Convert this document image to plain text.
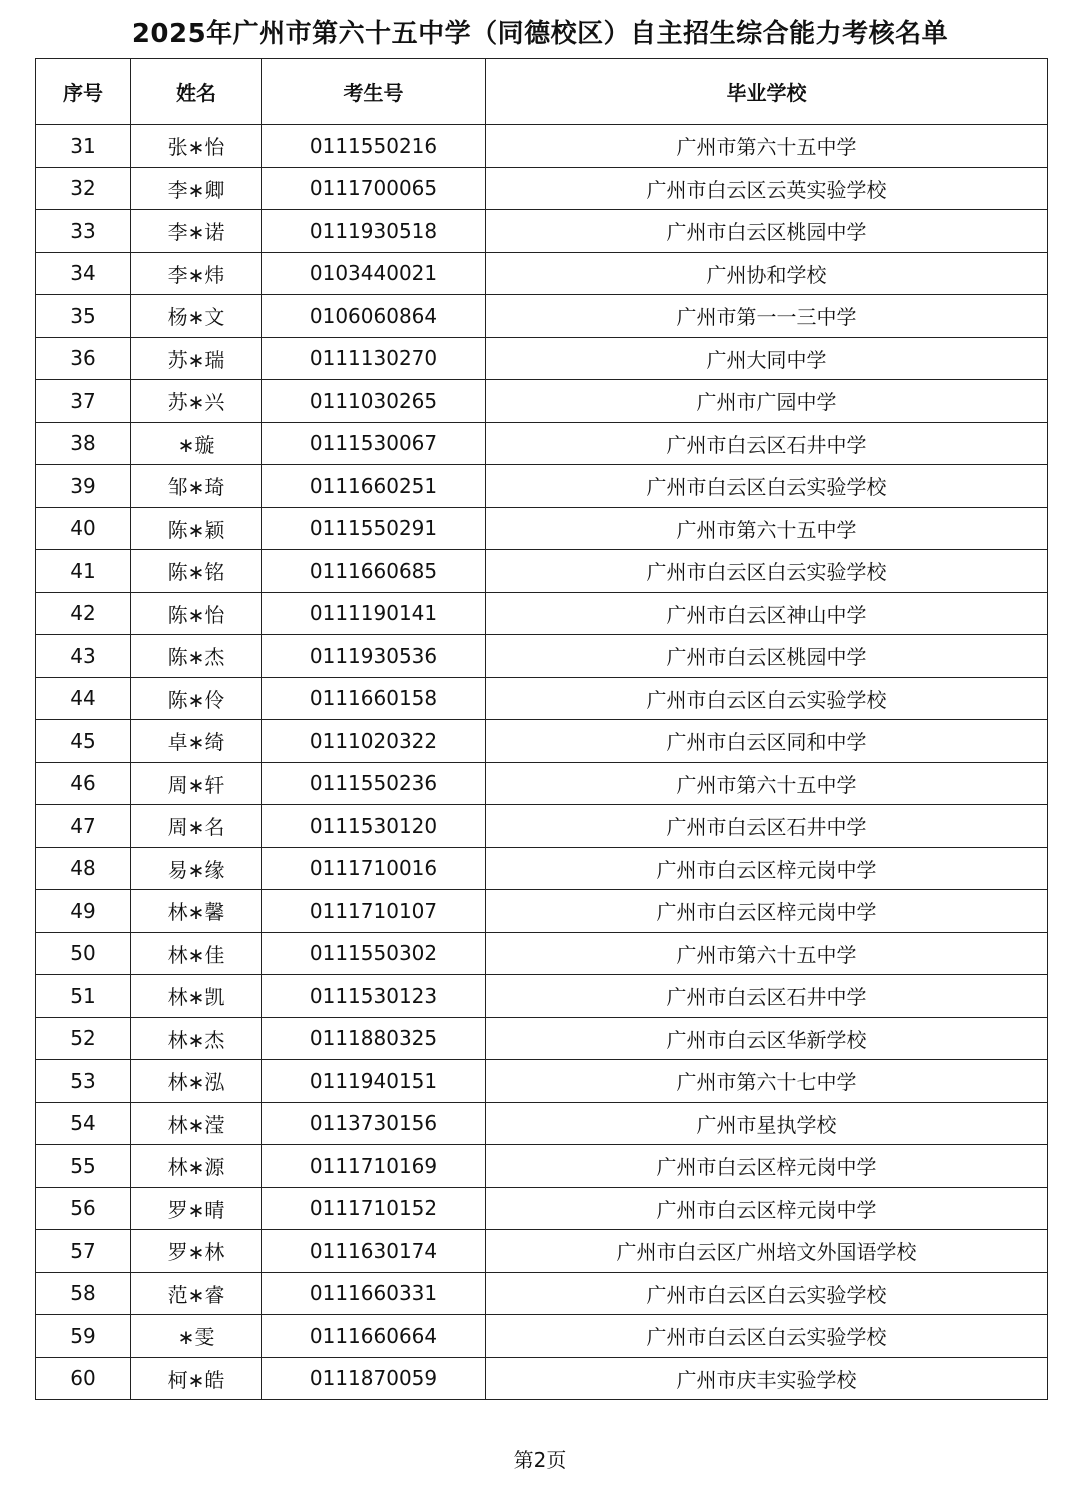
2025年广州市第六十五中学（同德校区）自主招生综合能力考核名单
序号	姓名	考生号	毕业学校
31	张∗怡	0111550216	广州市第六十五中学
32	李∗卿	0111700065	广州市白云区云英实验学校
33	李∗诺	0111930518	广州市白云区桃园中学
34	李∗炜	0103440021	广州协和学校
35	杨∗文	0106060864	广州市第一一三中学
36	苏∗瑞	0111130270	广州大同中学
37	苏∗兴	0111030265	广州市广园中学
38	∗璇	0111530067	广州市白云区石井中学
39	邹∗琦	0111660251	广州市白云区白云实验学校
40	陈∗颖	0111550291	广州市第六十五中学
41	陈∗铭	0111660685	广州市白云区白云实验学校
42	陈∗怡	0111190141	广州市白云区神山中学
43	陈∗杰	0111930536	广州市白云区桃园中学
44	陈∗伶	0111660158	广州市白云区白云实验学校
45	卓∗绮	0111020322	广州市白云区同和中学
46	周∗轩	0111550236	广州市第六十五中学
47	周∗名	0111530120	广州市白云区石井中学
48	易∗缘	0111710016	广州市白云区梓元岗中学
49	林∗馨	0111710107	广州市白云区梓元岗中学
50	林∗佳	0111550302	广州市第六十五中学
51	林∗凯	0111530123	广州市白云区石井中学
52	林∗杰	0111880325	广州市白云区华新学校
53	林∗泓	0111940151	广州市第六十七中学
54	林∗滢	0113730156	广州市星执学校
55	林∗源	0111710169	广州市白云区梓元岗中学
56	罗∗晴	0111710152	广州市白云区梓元岗中学
57	罗∗林	0111630174	广州市白云区广州培文外国语学校
58	范∗睿	0111660331	广州市白云区白云实验学校
59	∗雯	0111660664	广州市白云区白云实验学校
60	柯∗皓	0111870059	广州市庆丰实验学校
第2页
